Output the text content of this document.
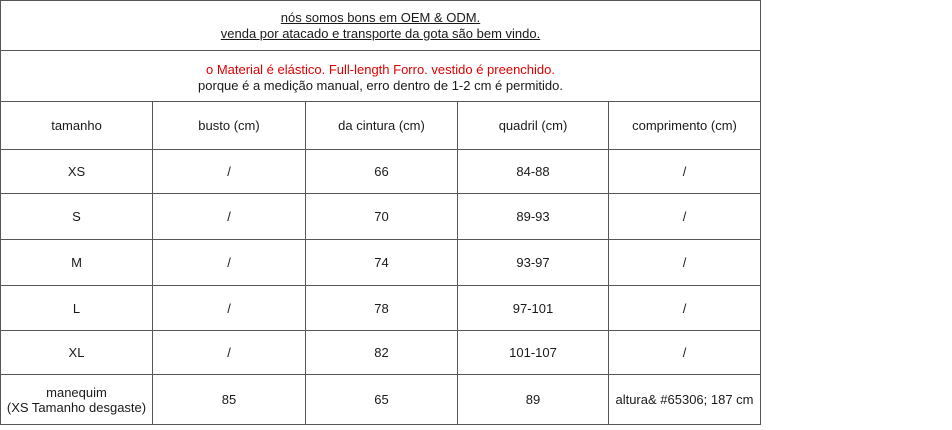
nós somos bons em OEM & ODM.
venda por atacado e transporte da gota são bem vindo.
o Material é elástico. Full-length Forro. vestido é preenchido.
porque é a medição manual, erro dentro de 1-2 cm é permitido.
tamanho	busto (cm)	da cintura (cm)	quadril (cm)	comprimento (cm)
XS	/	66	84-88	/
S	/	70	89-93	/
M	/	74	93-97	/
L	/	78	97-101	/
XL	/	82	101-107	/
manequim
(XS Tamanho desgaste)	85	65	89	altura& #65306; 187 cm
